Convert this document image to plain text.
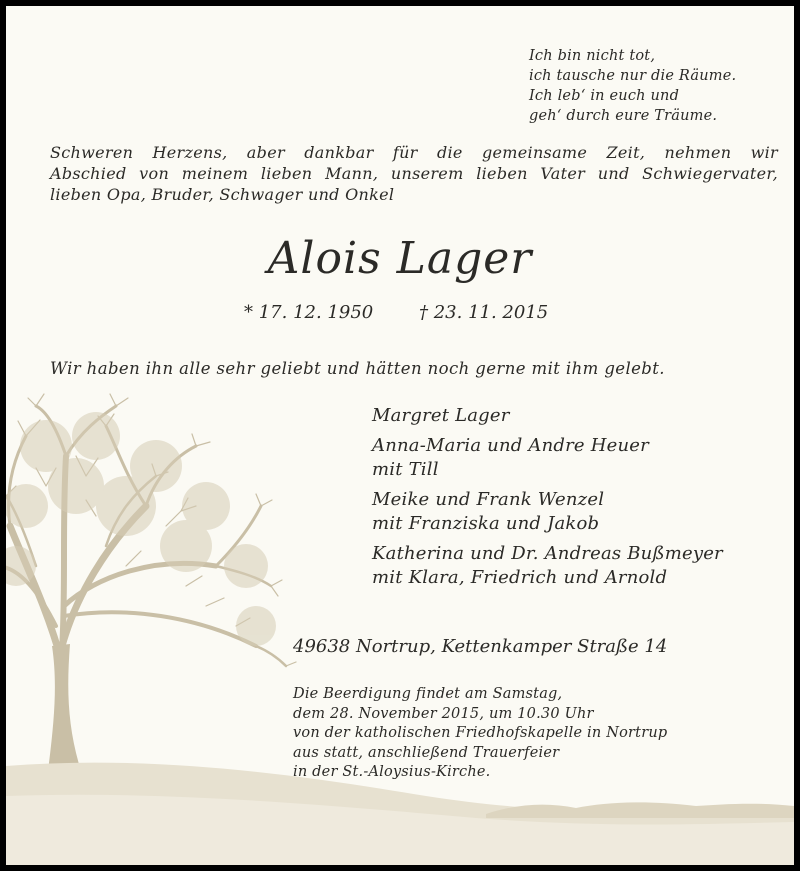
Ich bin nicht tot,
ich tausche nur die Räume.
Ich leb‘ in euch und
geh‘ durch eure Träume.
Schweren Herzens, aber dankbar für die gemeinsame Zeit, nehmen wir
Abschied von meinem lieben Mann, unserem lieben Vater und Schwiegervater,
lieben Opa, Bruder, Schwager und Onkel
Alois Lager
* 17. 12. 1950	† 23. 11. 2015
Wir haben ihn alle sehr geliebt und hätten noch gerne mit ihm gelebt.
Margret Lager
Anna-Maria und Andre Heuer
mit Till
Meike und Frank Wenzel
mit Franziska und Jakob
Katherina und Dr. Andreas Bußmeyer
mit Klara, Friedrich und Arnold
49638 Nortrup, Kettenkamper Straße 14
Die Beerdigung findet am Samstag,
dem 28. November 2015, um 10.30 Uhr
von der katholischen Friedhofskapelle in Nortrup
aus statt, anschließend Trauerfeier
in der St.-Aloysius-Kirche.
